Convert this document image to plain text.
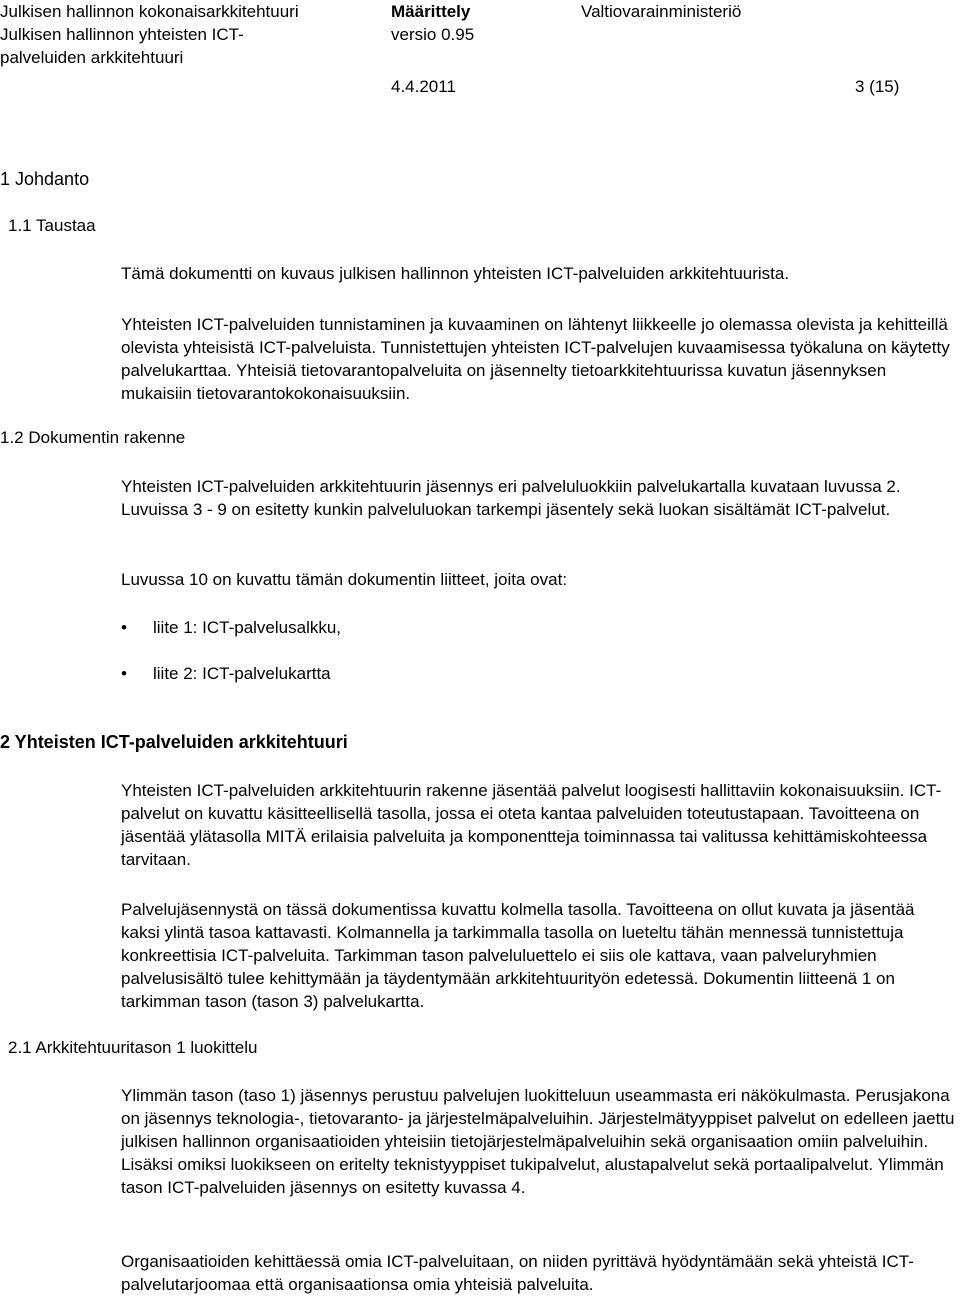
Julkisen hallinnon kokonaisarkkitehtuuri
Julkisen hallinnon yhteisten ICT-
palveluiden arkkitehtuuri
Määrittely
versio 0.95
Valtiovarainministeriö
4.4.2011	3 (15)
1 Johdanto
1.1 Taustaa

Tämä dokumentti on kuvaus julkisen hallinnon yhteisten ICT-palveluiden arkkitehtuurista.

Yhteisten ICT-palveluiden tunnistaminen ja kuvaaminen on lähtenyt liikkeelle jo olemassa olevista ja kehitteillä olevista yhteisistä ICT-palveluista. Tunnistettujen yhteisten ICT-palvelujen kuvaamisessa työkaluna on käytetty palvelukarttaa. Yhteisiä tietovarantopalveluita on jäsennelty tietoarkkitehtuurissa kuvatun jäsennyksen mukaisiin tietovarantokokonaisuuksiin.

1.2 Dokumentin rakenne

Yhteisten ICT-palveluiden arkkitehtuurin jäsennys eri palveluluokkiin palvelukartalla kuvataan luvussa 2. Luvuissa 3 - 9 on esitetty kunkin palveluluokan tarkempi jäsentely sekä luokan sisältämät ICT-palvelut.

Luvussa 10 on kuvattu tämän dokumentin liitteet, joita ovat:

• liite 1: ICT-palvelusalkku,
• liite 2: ICT-palvelukartta
2 Yhteisten ICT-palveluiden arkkitehtuuri

Yhteisten ICT-palveluiden arkkitehtuurin rakenne jäsentää palvelut loogisesti hallittaviin kokonaisuuksiin. ICT-palvelut on kuvattu käsitteellisellä tasolla, jossa ei oteta kantaa palveluiden toteutustapaan. Tavoitteena on jäsentää ylätasolla MITÄ erilaisia palveluita ja komponentteja toiminnassa tai valitussa kehittämiskohteessa tarvitaan.

Palvelujäsennystä on tässä dokumentissa kuvattu kolmella tasolla. Tavoitteena on ollut kuvata ja jäsentää kaksi ylintä tasoa kattavasti. Kolmannella ja tarkimmalla tasolla on lueteltu tähän mennessä tunnistettuja konkreettisia ICT-palveluita. Tarkimman tason palveluluettelo ei siis ole kattava, vaan palveluryhmien palvelusisältö tulee kehittymään ja täydentymään arkkitehtuurityön edetessä. Dokumentin liitteenä 1 on tarkimman tason (tason 3) palvelukartta.

2.1 Arkkitehtuuritason 1 luokittelu

Ylimmän tason (taso 1) jäsennys perustuu palvelujen luokitteluun useammasta eri näkökulmasta. Perusjakona on jäsennys teknologia-, tietovaranto- ja järjestelmäpalveluihin. Järjestelmätyyppiset palvelut on edelleen jaettu julkisen hallinnon organisaatioiden yhteisiin tietojärjestelmäpalveluihin sekä organisaation omiin palveluihin. Lisäksi omiksi luokikseen on eritelty teknistyyppiset tukipalvelut, alustapalvelut sekä portaalipalvelut. Ylimmän tason ICT-palveluiden jäsennys on esitetty kuvassa 4.

Organisaatioiden kehittäessä omia ICT-palveluitaan, on niiden pyrittävä hyödyntämään sekä yhteistä ICT-palvelutarjoomaa että organisaationsa omia yhteisiä palveluita.
